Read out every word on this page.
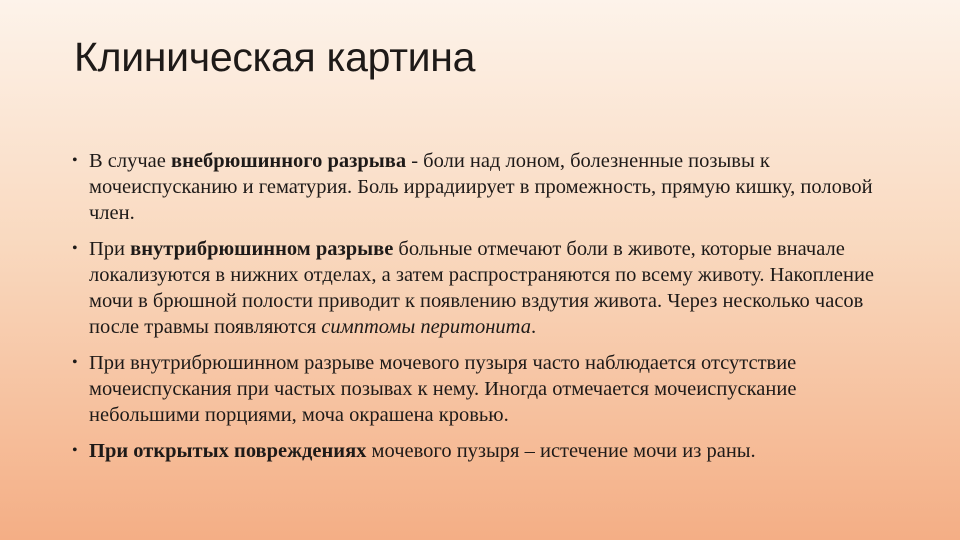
Клиническая картина
• В случае внебрюшинного разрыва - боли над лоном, болезненные позывы к мочеиспусканию и гематурия. Боль иррадиирует в промежность, прямую кишку, половой член.
• При внутрибрюшинном разрыве больные отмечают боли в животе, которые вначале локализуются в нижних отделах, а затем распространяются по всему животу. Накопление мочи в брюшной полости приводит к появлению вздутия живота. Через несколько часов после травмы появляются симптомы перитонита.
• При внутрибрюшинном разрыве мочевого пузыря часто наблюдается отсутствие мочеиспускания при частых позывах к нему. Иногда отмечается мочеиспускание небольшими порциями, моча окрашена кровью.
• При открытых повреждениях мочевого пузыря – истечение мочи из раны.
